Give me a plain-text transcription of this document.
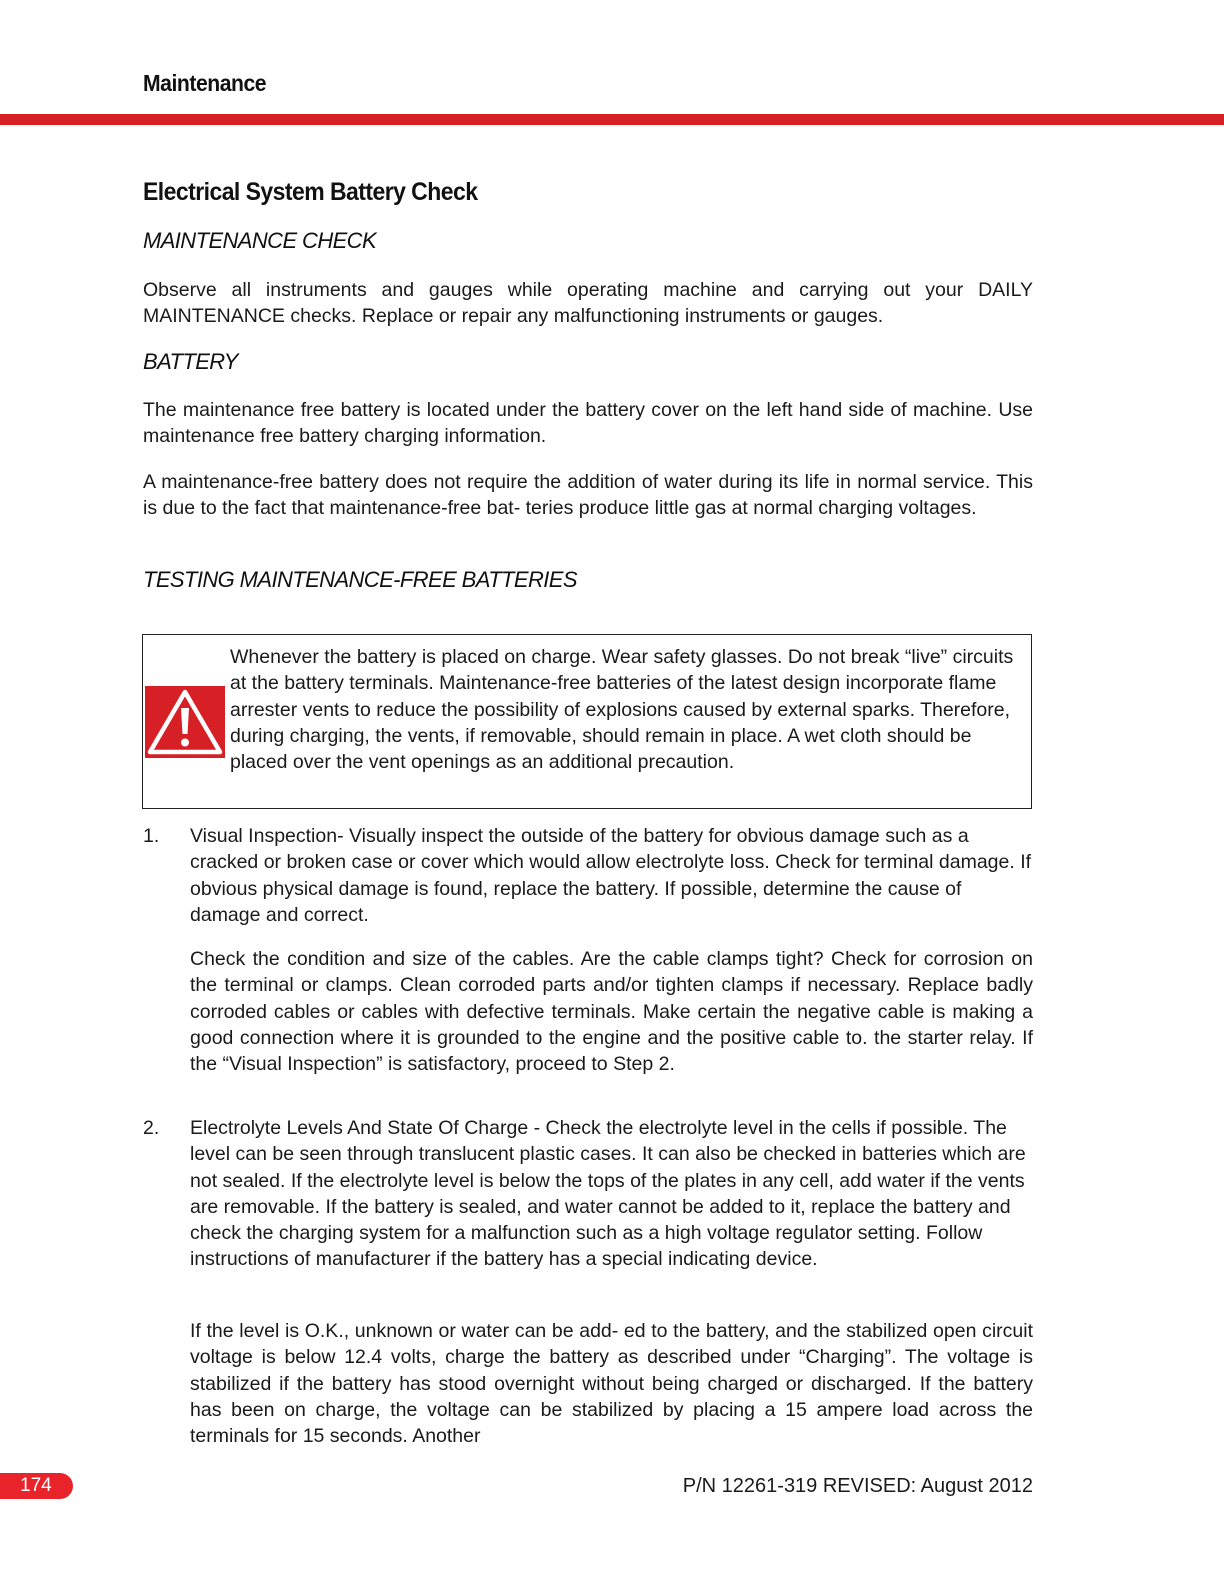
Maintenance
Electrical System Battery Check
MAINTENANCE CHECK
Observe all instruments and gauges while operating machine and carrying out your DAILY MAINTENANCE checks. Replace or repair any malfunctioning instruments or gauges.
BATTERY
The maintenance free battery is located under the battery cover on the left hand side of machine. Use maintenance free battery charging information.
A maintenance-free battery does not require the addition of water during its life in normal service. This is due to the fact that maintenance-free bat- teries produce little gas at normal charging voltages.
TESTING MAINTENANCE-FREE BATTERIES
Whenever the battery is placed on charge. Wear safety glasses. Do not break “live” circuits at the battery terminals. Maintenance-free batteries of the latest design incorporate flame arrester vents to reduce the possibility of explosions caused by external sparks. Therefore, during charging, the vents, if removable, should remain in place. A wet cloth should be placed over the vent openings as an additional precaution.
1. Visual Inspection- Visually inspect the outside of the battery for obvious damage such as a cracked or broken case or cover which would allow electrolyte loss. Check for terminal damage. If obvious physical damage is found, replace the battery. If possible, determine the cause of damage and correct.
Check the condition and size of the cables. Are the cable clamps tight? Check for corrosion on the terminal or clamps. Clean corroded parts and/or tighten clamps if necessary. Replace badly corroded cables or cables with defective terminals. Make certain the negative cable is making a good connection where it is grounded to the engine and the positive cable to. the starter relay. If the “Visual Inspection” is satisfactory, proceed to Step 2.
2. Electrolyte Levels And State Of Charge - Check the electrolyte level in the cells if possible. The level can be seen through translucent plastic cases. It can also be checked in batteries which are not sealed. If the electrolyte level is below the tops of the plates in any cell, add water if the vents are removable. If the battery is sealed, and water cannot be added to it, replace the battery and check the charging system for a malfunction such as a high voltage regulator setting. Follow instructions of manufacturer if the battery has a special indicating device.
If the level is O.K., unknown or water can be add- ed to the battery, and the stabilized open circuit voltage is below 12.4 volts, charge the battery as described under “Charging”. The voltage is stabilized if the battery has stood overnight without being charged or discharged. If the battery has been on charge, the voltage can be stabilized by placing a 15 ampere load across the terminals for 15 seconds. Another
174	P/N 12261-319 REVISED: August 2012
